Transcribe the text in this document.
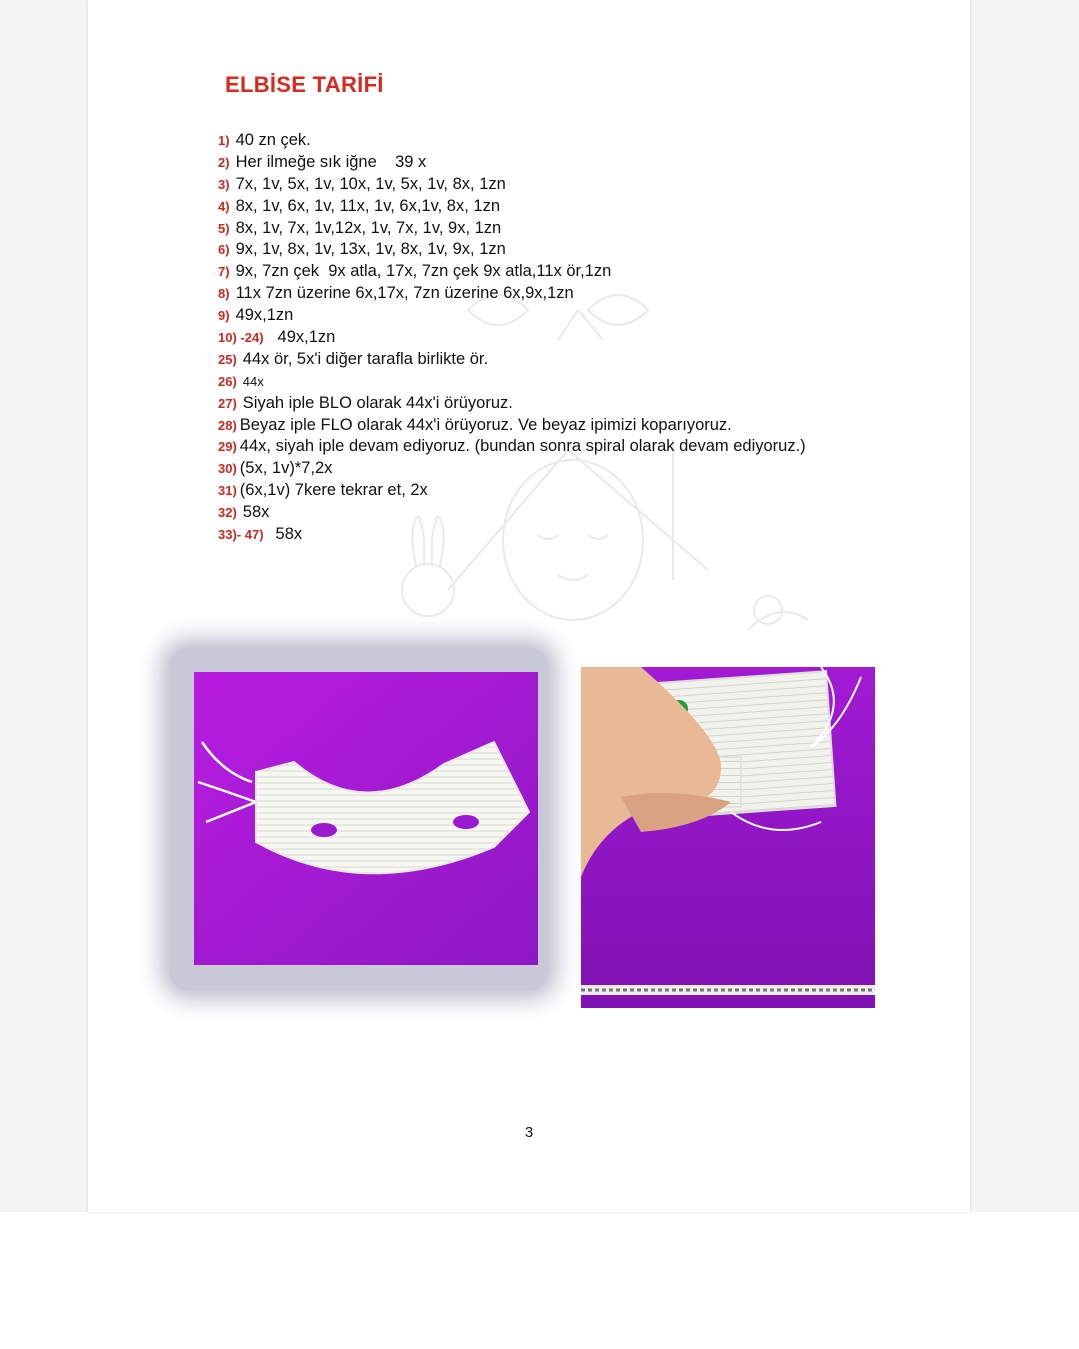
ELBİSE TARİFİ
1) 40 zn çek.
2) Her ilmeğe sık iğne    39 x
3) 7x, 1v, 5x, 1v, 10x, 1v, 5x, 1v, 8x, 1zn
4) 8x, 1v, 6x, 1v, 11x, 1v, 6x,1v, 8x, 1zn
5) 8x, 1v, 7x, 1v,12x, 1v, 7x, 1v, 9x, 1zn
6) 9x, 1v, 8x, 1v, 13x, 1v, 8x, 1v, 9x, 1zn
7) 9x, 7zn çek  9x atla, 17x, 7zn çek 9x atla,11x ör,1zn
8) 11x 7zn üzerine 6x,17x, 7zn üzerine 6x,9x,1zn
9) 49x,1zn
10) -24) 49x,1zn
25) 44x ör, 5x'i diğer tarafla birlikte ör.
26) 44x
27) Siyah iple BLO olarak 44x'i örüyoruz.
28) Beyaz iple FLO olarak 44x'i örüyoruz. Ve beyaz ipimizi koparıyoruz.
29) 44x, siyah iple devam ediyoruz. (bundan sonra spiral olarak devam ediyoruz.)
30) (5x, 1v)*7,2x
31) (6x,1v) 7kere tekrar et, 2x
32) 58x
33)- 47) 58x
3
